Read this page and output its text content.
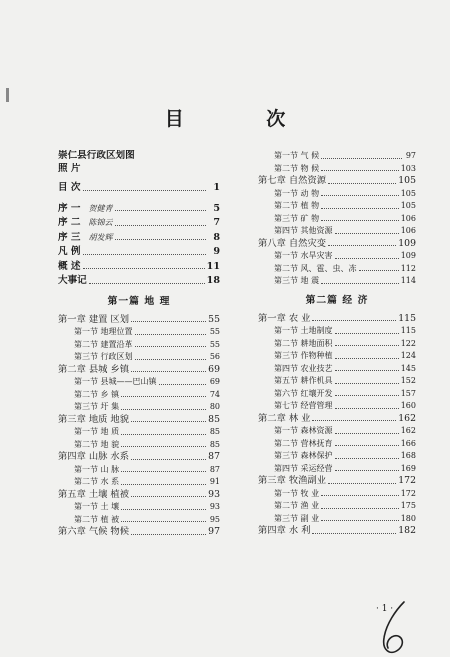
目 次
崇仁县行政区划图
照 片
目 次	1
序 一 贺健青	5
序 二 陈锦云	7
序 三 胡发辉	8
凡 例	9
概 述	11
大事记	18
第一篇 地 理
第一章 建置 区划	55
第一节 地理位置	55
第二节 建置沿革	55
第三节 行政区划	56
第二章 县城 乡镇	69
第一节 县城——巴山镇	69
第二节 乡 镇	74
第三节 圩 集	80
第三章 地质 地貌	85
第一节 地 质	85
第二节 地 貌	85
第四章 山脉 水系	87
第一节 山 脉	87
第二节 水 系	91
第五章 土壤 植被	93
第一节 土 壤	93
第二节 植 被	95
第六章 气候 物候	97
第一节 气 候	97
第二节 物 候	103
第七章 自然资源	105
第一节 动 物	105
第二节 植 物	105
第三节 矿 物	106
第四节 其他资源	106
第八章 自然灾变	109
第一节 水旱灾害	109
第二节 风、雹、虫、冻	112
第三节 地 震	114
第二篇 经 济
第一章 农 业	115
第一节 土地制度	115
第二节 耕地面积	122
第三节 作物种植	124
第四节 农业技艺	145
第五节 耕作机具	152
第六节 红壤开发	157
第七节 经营管理	160
第二章 林 业	162
第一节 森林资源	162
第二节 营林抚育	166
第三节 森林保护	168
第四节 采运经营	169
第三章 牧渔副业	172
第一节 牧 业	172
第二节 渔 业	175
第三节 副 业	180
第四章 水 利	182
· 1 ·
